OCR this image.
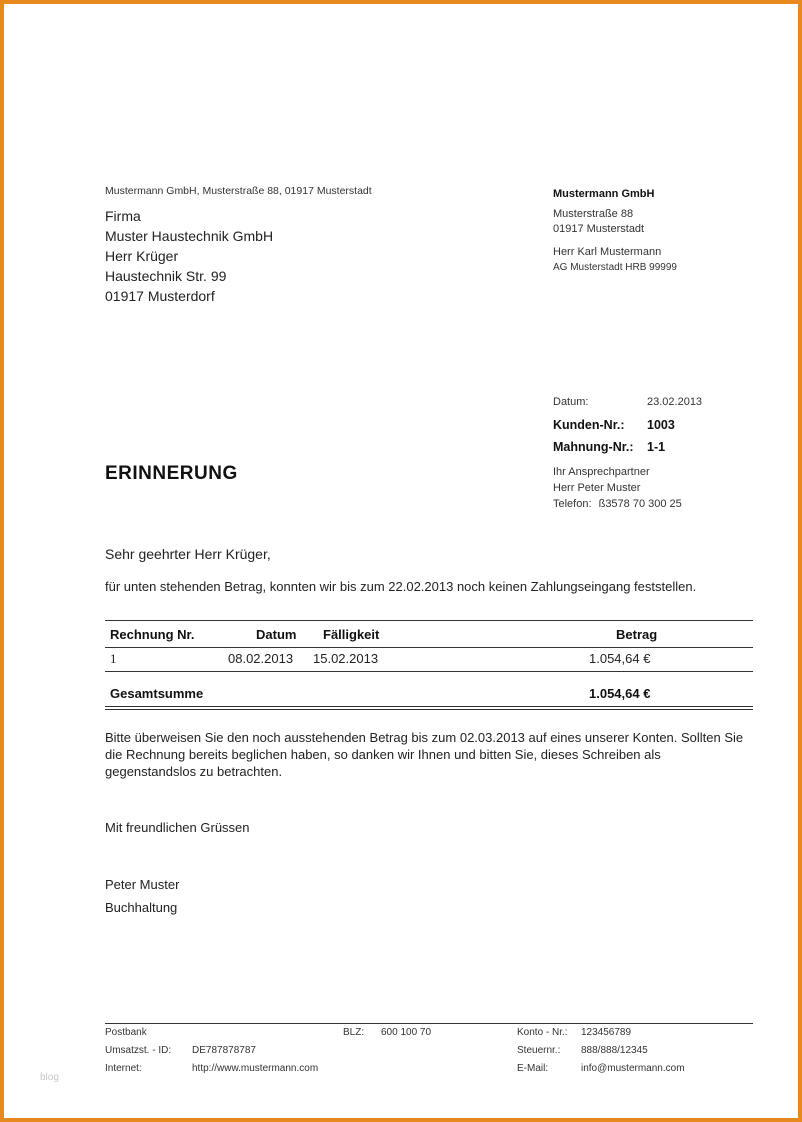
Mustermann GmbH, Musterstraße 88, 01917 Musterstadt
Firma
Muster Haustechnik GmbH
Herr Krüger
Haustechnik Str. 99
01917 Musterdorf
Mustermann GmbH
Musterstraße 88
01917 Musterstadt
Herr Karl Mustermann
AG Musterstadt HRB 99999
Datum:	23.02.2013
Kunden-Nr.:	1003
Mahnung-Nr.:	1-1
Ihr Ansprechpartner
Herr Peter Muster
Telefon: ß3578 70 300 25
ERINNERUNG
Sehr geehrter Herr Krüger,
für unten stehenden Betrag, konnten wir bis zum 22.02.2013 noch keinen Zahlungseingang feststellen.
Rechnung Nr.	Datum Fälligkeit	Betrag
1	08.02.2013 15.02.2013	1.054,64 €
Gesamtsumme	1.054,64 €
Bitte überweisen Sie den noch ausstehenden Betrag bis zum 02.03.2013 auf eines unserer Konten. Sollten Sie die Rechnung bereits beglichen haben, so danken wir Ihnen und bitten Sie, dieses Schreiben als gegenstandslos zu betrachten.
Mit freundlichen Grüssen
Peter Muster
Buchhaltung
Postbank	BLZ: 600 100 70	Konto - Nr.: 123456789
Umsatzst. - ID: DE787878787	Steuernr.: 888/888/12345
Internet:	http://www.mustermann.com	E-Mail:	info@mustermann.com
blog
